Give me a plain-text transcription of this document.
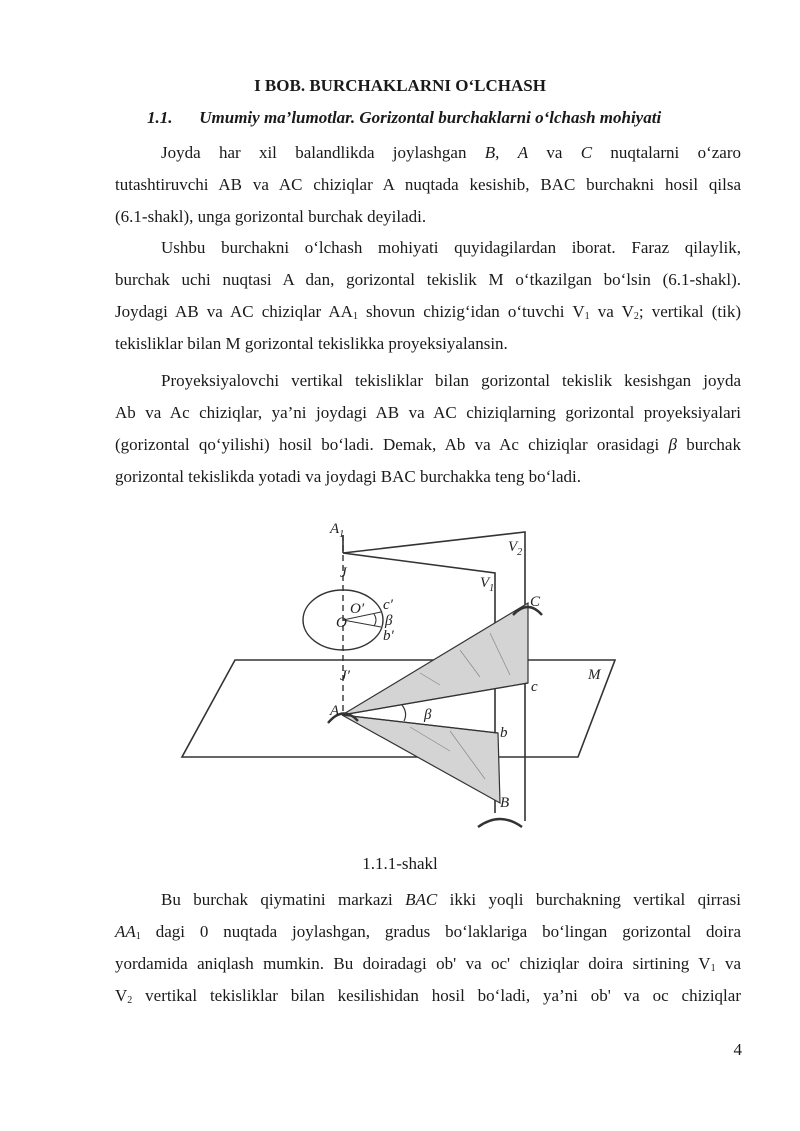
I BOB. BURCHAKLARNI O‘LCHASH
1.1. Umumiy ma’lumotlar. Gorizontal burchaklarni o‘lchash mohiyati
Joyda har xil balandlikda joylashgan B, A va C nuqtalarni o‘zaro
tutashtiruvchi AB va AC chiziqlar A nuqtada kesishib, BAC burchakni hosil qilsa
(6.1-shakl), unga gorizontal burchak deyiladi.
Ushbu burchakni o‘lchash mohiyati quyidagilardan iborat. Faraz qilaylik,
burchak uchi nuqtasi A dan, gorizontal tekislik M o‘tkazilgan bo‘lsin (6.1-shakl).
Joydagi AB va AC chiziqlar $AA_1$ shovun chizig‘idan o‘tuvchi $V_1$ va $V_2$; vertikal (tik)
tekisliklar bilan M gorizontal tekislikka proyeksiyalansin.
Proyeksiyalovchi vertikal tekisliklar bilan gorizontal tekislik kesishgan joyda
Ab va Ac chiziqlar, ya’ni joydagi AB va AC chiziqlarning gorizontal proyeksiyalari
(gorizontal qo‘yilishi) hosil bo‘ladi. Demak, Ab va Ac chiziqlar orasidagi β burchak
gorizontal tekislikda yotadi va joydagi BAC burchakka teng bo‘ladi.
$A_1$
$V_2$
$V_1$
C
O
O′ c′
β
b′
J
J′
c
M
A	β
b
B
1.1.1-shakl
Bu burchak qiymatini markazi BAC ikki yoqli burchakning vertikal qirrasi
$AA_1$ dagi 0 nuqtada joylashgan, gradus bo‘laklariga bo‘lingan gorizontal doira
yordamida aniqlash mumkin. Bu doiradagi ob' va oc' chiziqlar doira sirtining $V_1$ va
$V_2$ vertikal tekisliklar bilan kesilishidan hosil bo‘ladi, ya’ni ob' va oc chiziqlar
4
